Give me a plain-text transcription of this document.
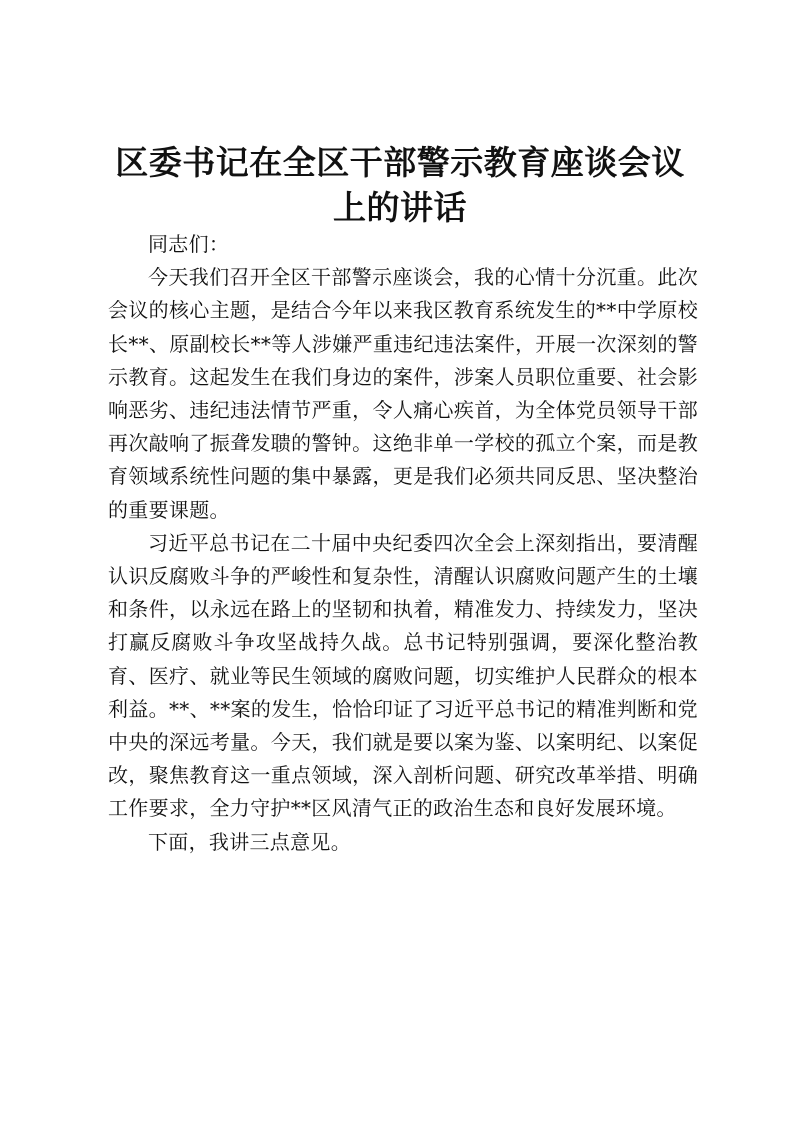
区委书记在全区干部警示教育座谈会议上的讲话

同志们：

今天我们召开全区干部警示座谈会，我的心情十分沉重。此次会议的核心主题，是结合今年以来我区教育系统发生的**中学原校长**、原副校长**等人涉嫌严重违纪违法案件，开展一次深刻的警示教育。这起发生在我们身边的案件，涉案人员职位重要、社会影响恶劣、违纪违法情节严重，令人痛心疾首，为全体党员领导干部再次敲响了振聋发聩的警钟。这绝非单一学校的孤立个案，而是教育领域系统性问题的集中暴露，更是我们必须共同反思、坚决整治的重要课题。

习近平总书记在二十届中央纪委四次全会上深刻指出，要清醒认识反腐败斗争的严峻性和复杂性，清醒认识腐败问题产生的土壤和条件，以永远在路上的坚韧和执着，精准发力、持续发力，坚决打赢反腐败斗争攻坚战持久战。总书记特别强调，要深化整治教育、医疗、就业等民生领域的腐败问题，切实维护人民群众的根本利益。**、**案的发生，恰恰印证了习近平总书记的精准判断和党中央的深远考量。今天，我们就是要以案为鉴、以案明纪、以案促改，聚焦教育这一重点领域，深入剖析问题、研究改革举措、明确工作要求，全力守护**区风清气正的政治生态和良好发展环境。

下面，我讲三点意见。
